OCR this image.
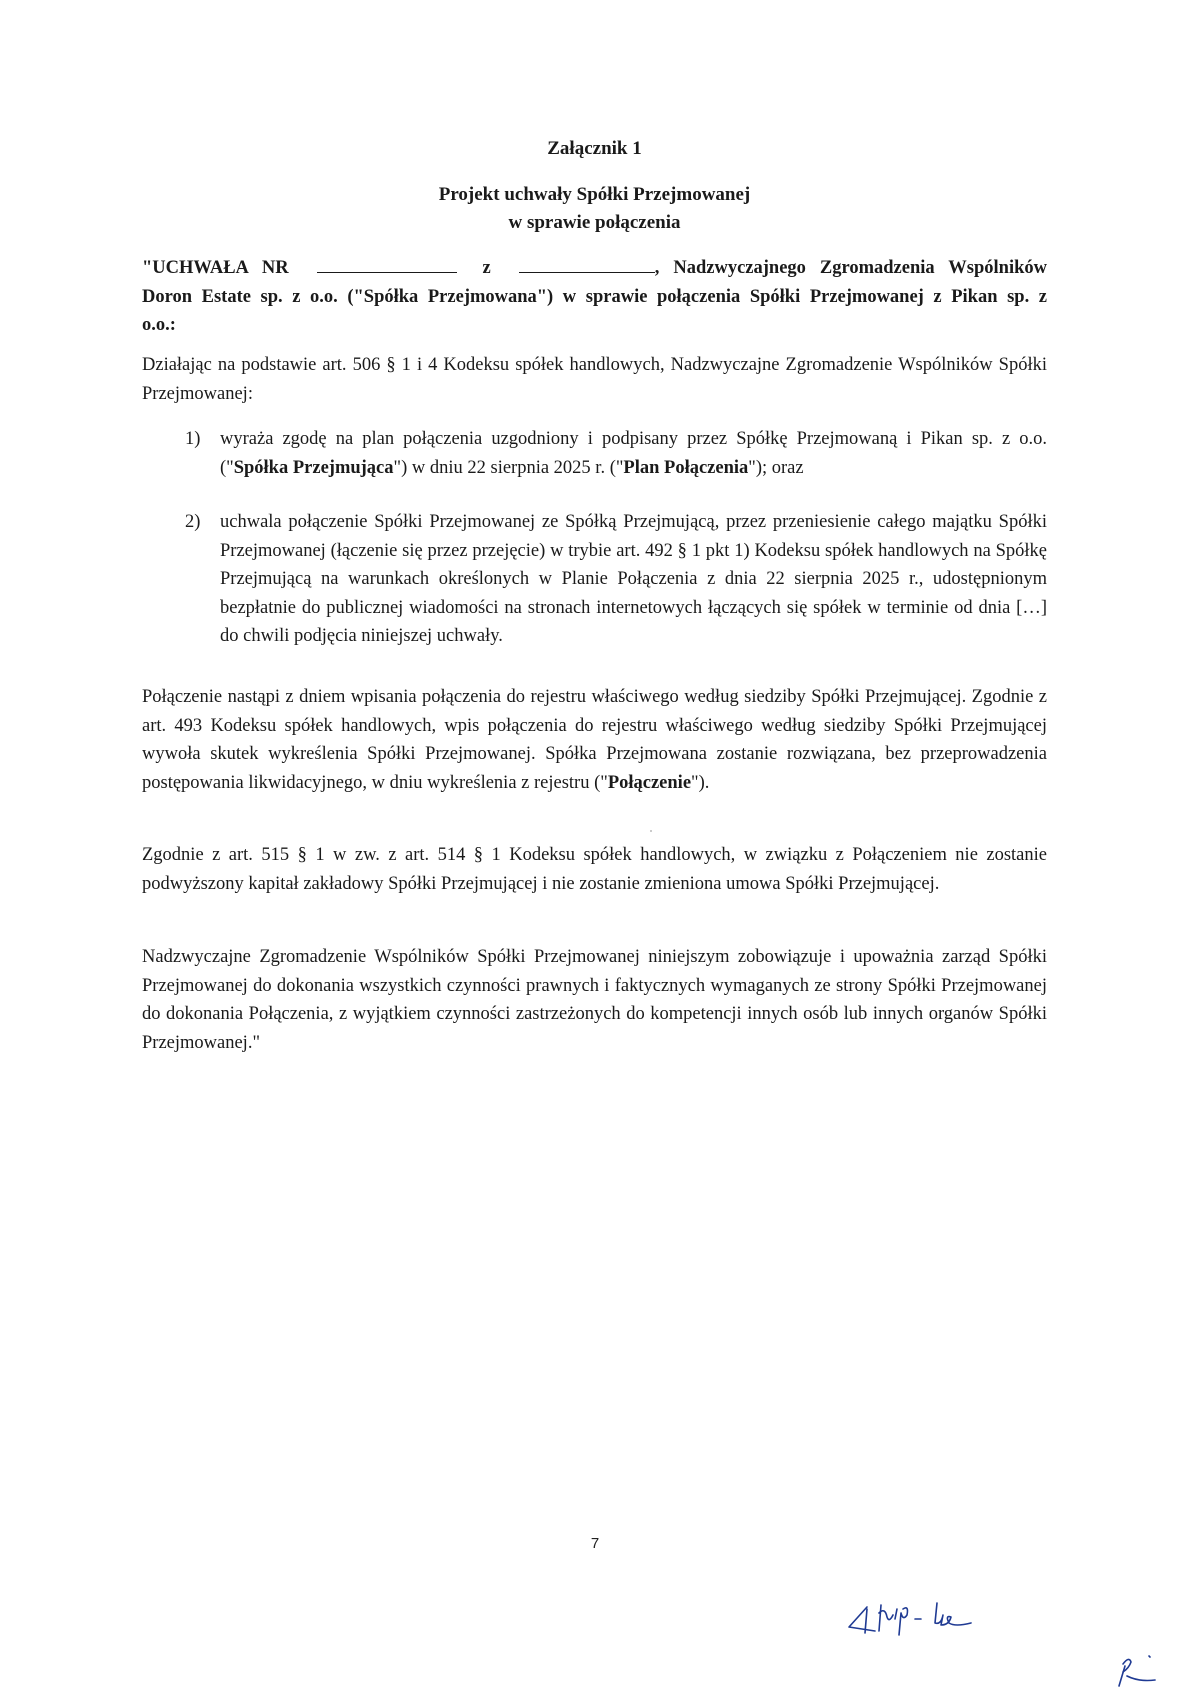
Załącznik 1
Projekt uchwały Spółki Przejmowanej
w sprawie połączenia
"UCHWAŁA NR	z	, Nadzwyczajnego Zgromadzenia Wspólników Doron Estate sp. z o.o. ("Spółka Przejmowana") w sprawie połączenia Spółki Przejmowanej z Pikan sp. z o.o.:
Działając na podstawie art. 506 § 1 i 4 Kodeksu spółek handlowych, Nadzwyczajne Zgromadzenie Wspólników Spółki Przejmowanej:
1) wyraża zgodę na plan połączenia uzgodniony i podpisany przez Spółkę Przejmowaną i Pikan sp. z o.o. ("Spółka Przejmująca") w dniu 22 sierpnia 2025 r. ("Plan Połączenia"); oraz
2) uchwala połączenie Spółki Przejmowanej ze Spółką Przejmującą, przez przeniesienie całego majątku Spółki Przejmowanej (łączenie się przez przejęcie) w trybie art. 492 § 1 pkt 1) Kodeksu spółek handlowych na Spółkę Przejmującą na warunkach określonych w Planie Połączenia z dnia 22 sierpnia 2025 r., udostępnionym bezpłatnie do publicznej wiadomości na stronach internetowych łączących się spółek w terminie od dnia […] do chwili podjęcia niniejszej uchwały.
Połączenie nastąpi z dniem wpisania połączenia do rejestru właściwego według siedziby Spółki Przejmującej. Zgodnie z art. 493 Kodeksu spółek handlowych, wpis połączenia do rejestru właściwego według siedziby Spółki Przejmującej wywoła skutek wykreślenia Spółki Przejmowanej. Spółka Przejmowana zostanie rozwiązana, bez przeprowadzenia postępowania likwidacyjnego, w dniu wykreślenia z rejestru ("Połączenie").
Zgodnie z art. 515 § 1 w zw. z art. 514 § 1 Kodeksu spółek handlowych, w związku z Połączeniem nie zostanie podwyższony kapitał zakładowy Spółki Przejmującej i nie zostanie zmieniona umowa Spółki Przejmującej.
Nadzwyczajne Zgromadzenie Wspólników Spółki Przejmowanej niniejszym zobowiązuje i upoważnia zarząd Spółki Przejmowanej do dokonania wszystkich czynności prawnych i faktycznych wymaganych ze strony Spółki Przejmowanej do dokonania Połączenia, z wyjątkiem czynności zastrzeżonych do kompetencji innych osób lub innych organów Spółki Przejmowanej."
7
